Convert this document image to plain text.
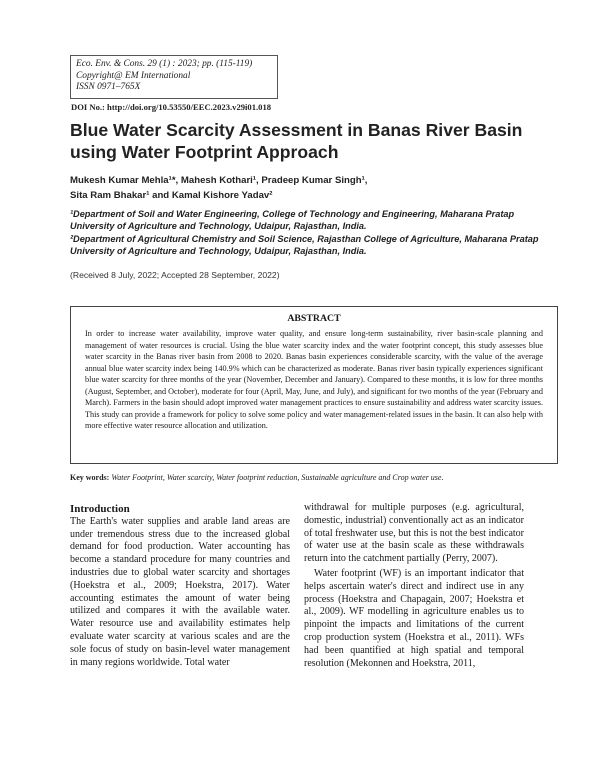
Eco. Env. & Cons. 29 (1) : 2023; pp. (115-119)
Copyright@ EM International
ISSN 0971–765X
DOI No.: http://doi.org/10.53550/EEC.2023.v29i01.018
Blue Water Scarcity Assessment in Banas River Basin using Water Footprint Approach
Mukesh Kumar Mehla¹*, Mahesh Kothari¹, Pradeep Kumar Singh¹,
Sita Ram Bhakar¹ and Kamal Kishore Yadav²

¹Department of Soil and Water Engineering, College of Technology and Engineering, Maharana Pratap University of Agriculture and Technology, Udaipur, Rajasthan, India.

²Department of Agricultural Chemistry and Soil Science, Rajasthan College of Agriculture, Maharana Pratap University of Agriculture and Technology, Udaipur, Rajasthan, India.

(Received 8 July, 2022; Accepted 28 September, 2022)

ABSTRACT

In order to increase water availability, improve water quality, and ensure long-term sustainability, river basin-scale planning and management of water resources is crucial. Using the blue water scarcity index and the water footprint concept, this study assesses blue water scarcity in the Banas river basin from 2008 to 2020. Banas basin experiences considerable scarcity, with the value of the average annual blue water scarcity index being 140.9% which can be characterized as moderate. Banas river basin typically experiences significant blue water scarcity for three months of the year (November, December and January). Compared to these months, it is low for three months (August, September, and October), moderate for four (April, May, June, and July), and significant for two months of the year (February and March). Farmers in the basin should adopt improved water management practices to ensure sustainability and address water scarcity issues. This study can provide a framework for policy to solve some policy and water management-related issues in the basin. It can also help with more effective water resource allocation and utilization.

Key words: Water Footprint, Water scarcity, Water footprint reduction, Sustainable agriculture and Crop water use.

Introduction

The Earth's water supplies and arable land areas are under tremendous stress due to the increased global demand for food production. Water accounting has become a standard procedure for many countries and industries due to global water scarcity and shortages (Hoekstra et al., 2009; Hoekstra, 2017). Water accounting estimates the amount of water being utilized and compares it with the available water. Water resource use and availability estimates help evaluate water scarcity at various scales and are the sole focus of study on basin-level water management in many regions worldwide. Total water

withdrawal for multiple purposes (e.g. agricultural, domestic, industrial) conventionally act as an indicator of total freshwater use, but this is not the best indicator of water use at the basin scale as these withdrawals return into the catchment partially (Perry, 2007).

Water footprint (WF) is an important indicator that helps ascertain water's direct and indirect use in any process (Hoekstra and Chapagain, 2007; Hoekstra et al., 2009). WF modelling in agriculture enables us to pinpoint the impacts and limitations of the current crop production system (Hoekstra et al., 2011). WFs had been quantified at high spatial and temporal resolution (Mekonnen and Hoekstra, 2011,
